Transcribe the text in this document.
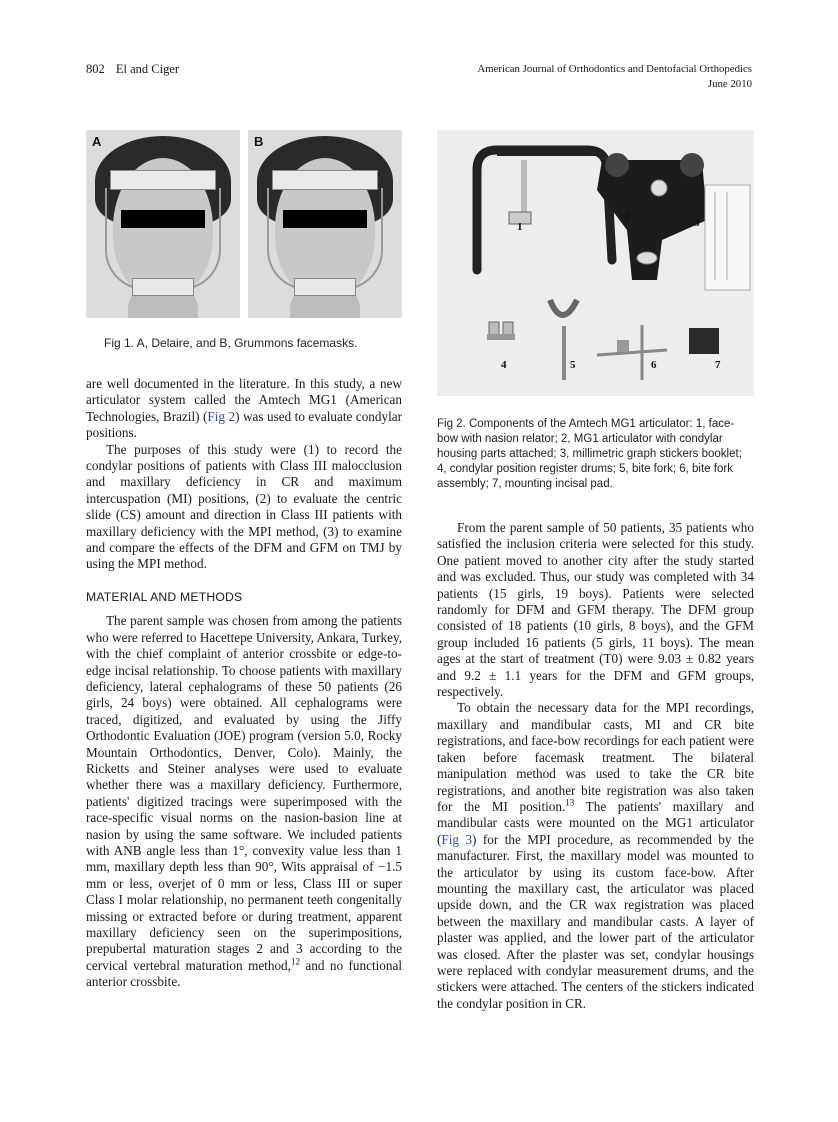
802 El and Ciger	American Journal of Orthodontics and Dentofacial Orthopedics
June 2010
A	B
Fig 1. A, Delaire, and B, Grummons facemasks.
1
2	3
4	5	6	7
Fig 2. Components of the Amtech MG1 articulator: 1, face-bow with nasion relator; 2, MG1 articulator with condylar housing parts attached; 3, millimetric graph stickers booklet; 4, condylar position register drums; 5, bite fork; 6, bite fork assembly; 7, mounting incisal pad.

are well documented in the literature. In this study, a new articulator system called the Amtech MG1 (American Technologies, Brazil) (Fig 2) was used to evaluate condylar positions.

The purposes of this study were (1) to record the condylar positions of patients with Class III malocclusion and maxillary deficiency in CR and maximum intercuspation (MI) positions, (2) to evaluate the centric slide (CS) amount and direction in Class III patients with maxillary deficiency with the MPI method, (3) to examine and compare the effects of the DFM and GFM on TMJ by using the MPI method.

MATERIAL AND METHODS

The parent sample was chosen from among the patients who were referred to Hacettepe University, Ankara, Turkey, with the chief complaint of anterior crossbite or edge-to-edge incisal relationship. To choose patients with maxillary deficiency, lateral cephalograms of these 50 patients (26 girls, 24 boys) were obtained. All cephalograms were traced, digitized, and evaluated by using the Jiffy Orthodontic Evaluation (JOE) program (version 5.0, Rocky Mountain Orthodontics, Denver, Colo). Mainly, the Ricketts and Steiner analyses were used to evaluate whether there was a maxillary deficiency. Furthermore, patients' digitized tracings were superimposed with the race-specific visual norms on the nasion-basion line at nasion by using the same software. We included patients with ANB angle less than 1°, convexity value less than 1 mm, maxillary depth less than 90°, Wits appraisal of −1.5 mm or less, overjet of 0 mm or less, Class III or super Class I molar relationship, no permanent teeth congenitally missing or extracted before or during treatment, apparent maxillary deficiency seen on the superimpositions, prepubertal maturation stages 2 and 3 according to the cervical vertebral maturation method,$^{12}$ and no functional anterior crossbite.

From the parent sample of 50 patients, 35 patients who satisfied the inclusion criteria were selected for this study. One patient moved to another city after the study started and was excluded. Thus, our study was completed with 34 patients (15 girls, 19 boys). Patients were selected randomly for DFM and GFM therapy. The DFM group consisted of 18 patients (10 girls, 8 boys), and the GFM group included 16 patients (5 girls, 11 boys). The mean ages at the start of treatment (T0) were 9.03 ± 0.82 years and 9.2 ± 1.1 years for the DFM and GFM groups, respectively.

To obtain the necessary data for the MPI recordings, maxillary and mandibular casts, MI and CR bite registrations, and face-bow recordings for each patient were taken before facemask treatment. The bilateral manipulation method was used to take the CR bite registrations, and another bite registration was also taken for the MI position.$^{13}$ The patients' maxillary and mandibular casts were mounted on the MG1 articulator (Fig 3) for the MPI procedure, as recommended by the manufacturer. First, the maxillary model was mounted to the articulator by using its custom face-bow. After mounting the maxillary cast, the articulator was placed upside down, and the CR wax registration was placed between the maxillary and mandibular casts. A layer of plaster was applied, and the lower part of the articulator was closed. After the plaster was set, condylar housings were replaced with condylar measurement drums, and the stickers were attached. The centers of the stickers indicated the condylar position in CR.
